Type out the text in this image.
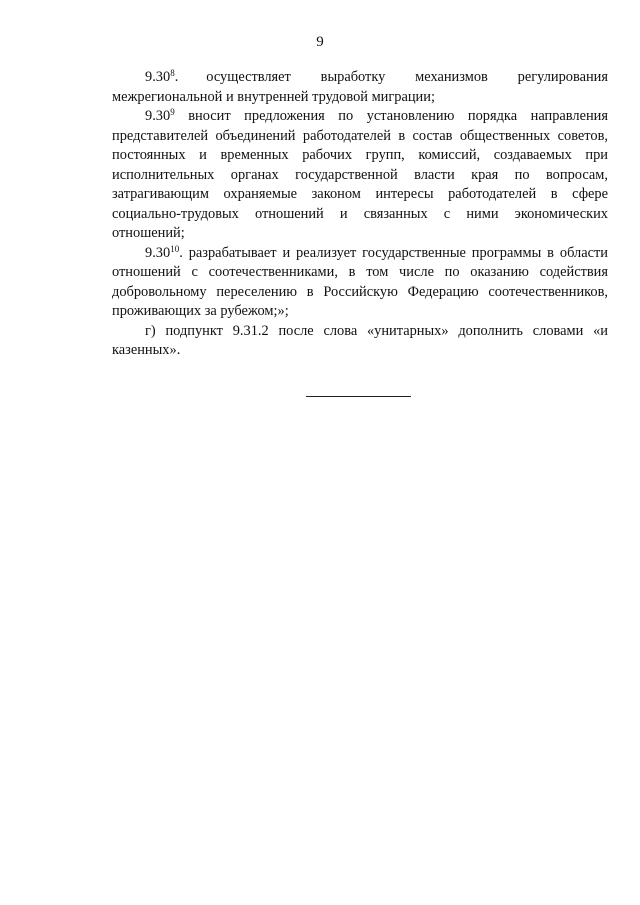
9

9.30$^8$. осуществляет выработку механизмов регулирования межрегиональной и внутренней трудовой миграции;

9.30$^9$ вносит предложения по установлению порядка направления представителей объединений работодателей в состав общественных советов, постоянных и временных рабочих групп, комиссий, создаваемых при исполнительных органах государственной власти края по вопросам, затрагивающим охраняемые законом интересы работодателей в сфере социально-трудовых отношений и связанных с ними экономических отношений;

9.30$^{10}$. разрабатывает и реализует государственные программы в области отношений с соотечественниками, в том числе по оказанию содействия добровольному переселению в Российскую Федерацию соотечественников, проживающих за рубежом;»;

г) подпункт 9.31.2 после слова «унитарных» дополнить словами «и казенных».
